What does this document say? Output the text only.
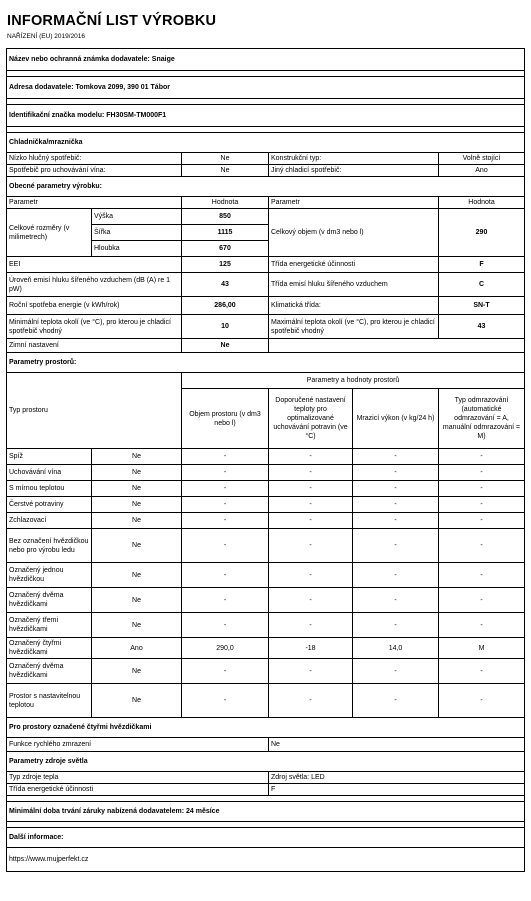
INFORMAČNÍ LIST VÝROBKU
NAŘÍZENÍ (EU) 2019/2016
Název nebo ochranná známka dodavatele: Snaige					

Adresa dodavatele: Tomkova 2099, 390 01 Tábor					

Identifikační značka modelu: FH30SM-TM000F1					

Chladnička/mraznička					
Nízko hlučný spotřebič:		Ne	Konstrukční typ:		Volně stojící
Spotřebič pro uchovávání vína:		Ne	Jiný chladicí spotřebič:		Ano
Obecné parametry výrobku:					
Parametr		Hodnota	Parametr		Hodnota
Celkové rozměry (v milimetrech)	Výška	850	Celkový objem (v dm3 nebo l)		290
	Šířka	1115			
	Hloubka	670			
EEI		125	Třída energetické účinnosti		F
Úroveň emisí hluku šířeného vzduchem (dB (A) re 1 pW)		43	Třída emisí hluku šířeného vzduchem		C
Roční spotřeba energie (v kWh/rok)		286,00	Klimatická třída:		SN-T
Minimální teplota okolí (ve °C), pro kterou je chladicí spotřebič vhodný		10	Maximální teplota okolí (ve °C), pro kterou je chladicí spotřebič vhodný		43
Zimní nastavení		Ne			
Parametry prostorů:					
Typ prostoru		Parametry a hodnoty prostorů			
		Objem prostoru (v dm3 nebo l)	Doporučené nastavení teploty pro optimalizované uchovávání potravin (ve °C)	Mrazicí výkon (v kg/24 h)	Typ odmrazování (automatické odmrazování = A, manuální odmrazování = M)
Spíž	Ne	-	-	-	-
Uchovávání vína	Ne	-	-	-	-
S mírnou teplotou	Ne	-	-	-	-
Čerstvé potraviny	Ne	-	-	-	-
Zchlazovací	Ne	-	-	-	-
Bez označení hvězdičkou nebo pro výrobu ledu	Ne	-	-	-	-
Označený jednou hvězdičkou	Ne	-	-	-	-
Označený dvěma hvězdičkami	Ne	-	-	-	-
Označený třemi hvězdičkami	Ne	-	-	-	-
Označený čtyřmi hvězdičkami	Ano	290,0	-18	14,0	M
Označený dvěma hvězdičkami	Ne	-	-	-	-
Prostor s nastavitelnou teplotou	Ne	-	-	-	-
Pro prostory označené čtyřmi hvězdičkami					
Funkce rychlého zmrazení			Ne		
Parametry zdroje světla					
Typ zdroje tepla			Zdroj světla: LED		
Třída energetické účinnosti			F		

Minimální doba trvání záruky nabízená dodavatelem: 24 měsíce					

Další informace:					
https://www.mujperfekt.cz					
